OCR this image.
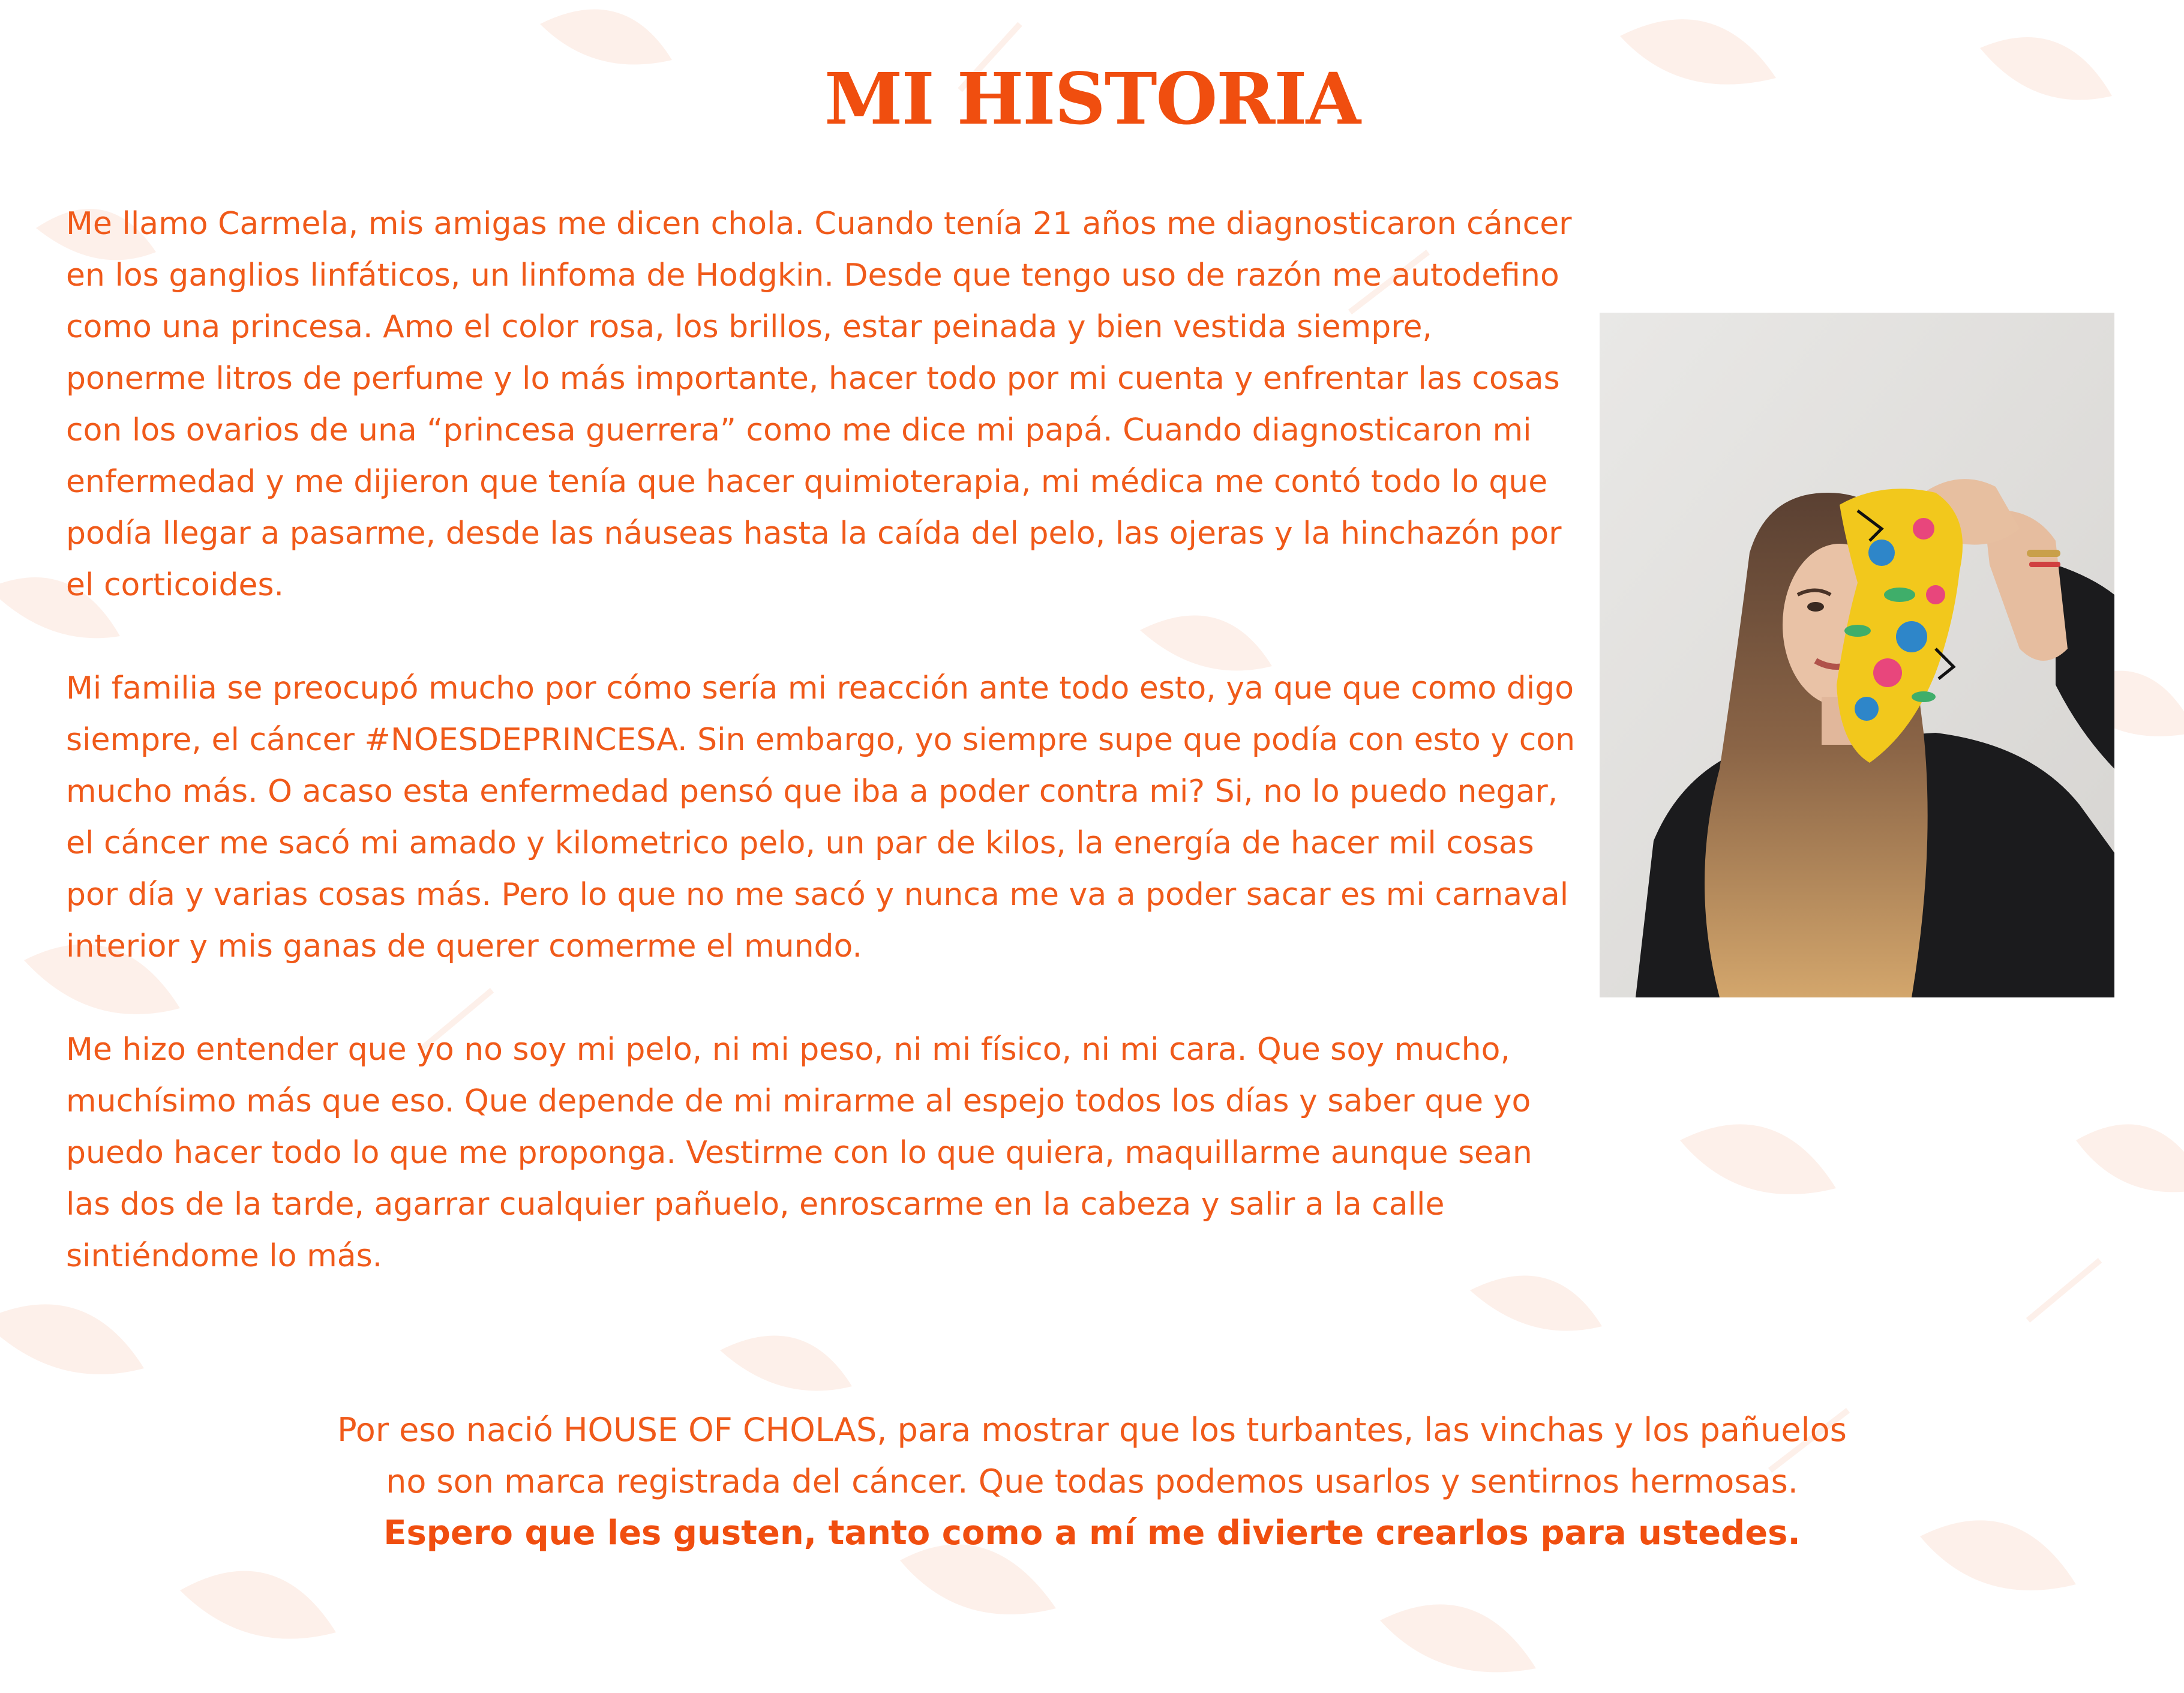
MI HISTORIA

Me llamo Carmela, mis amigas me dicen chola. Cuando tenía 21 años me diagnosticaron cáncer en los ganglios linfáticos, un linfoma de Hodgkin. Desde que tengo uso de razón me autodefino como una princesa. Amo el color rosa, los brillos, estar peinada y bien vestida siempre, ponerme litros de perfume y lo más importante, hacer todo por mi cuenta y enfrentar las cosas con los ovarios de una “princesa guerrera” como me dice mi papá. Cuando diagnosticaron mi enfermedad y me dijieron que tenía que hacer quimioterapia, mi médica me contó todo lo que podía llegar a pasarme, desde las náuseas hasta la caída del pelo, las ojeras y la hinchazón por el corticoides.

Mi familia se preocupó mucho por cómo sería mi reacción ante todo esto, ya que que como digo siempre, el cáncer #NOESDEPRINCESA. Sin embargo, yo siempre supe que podía con esto y con mucho más. O acaso esta enfermedad pensó que iba a poder contra mi? Si, no lo puedo negar, el cáncer me sacó mi amado y kilometrico pelo, un par de kilos, la energía de hacer mil cosas por día y varias cosas más. Pero lo que no me sacó y nunca me va a poder sacar es mi carnaval interior y mis ganas de querer comerme el mundo.

Me hizo entender que yo no soy mi pelo, ni mi peso, ni mi físico, ni mi cara. Que soy mucho, muchísimo más que eso. Que depende de mi mirarme al espejo todos los días y saber que yo puedo hacer todo lo que me proponga. Vestirme con lo que quiera, maquillarme aunque sean las dos de la tarde, agarrar cualquier pañuelo, enroscarme en la cabeza y salir a la calle sintiéndome lo más.

Por eso nació HOUSE OF CHOLAS, para mostrar que los turbantes, las vinchas y los pañuelos

no son marca registrada del cáncer. Que todas podemos usarlos y sentirnos hermosas.

Espero que les gusten, tanto como a mí me divierte crearlos para ustedes.
